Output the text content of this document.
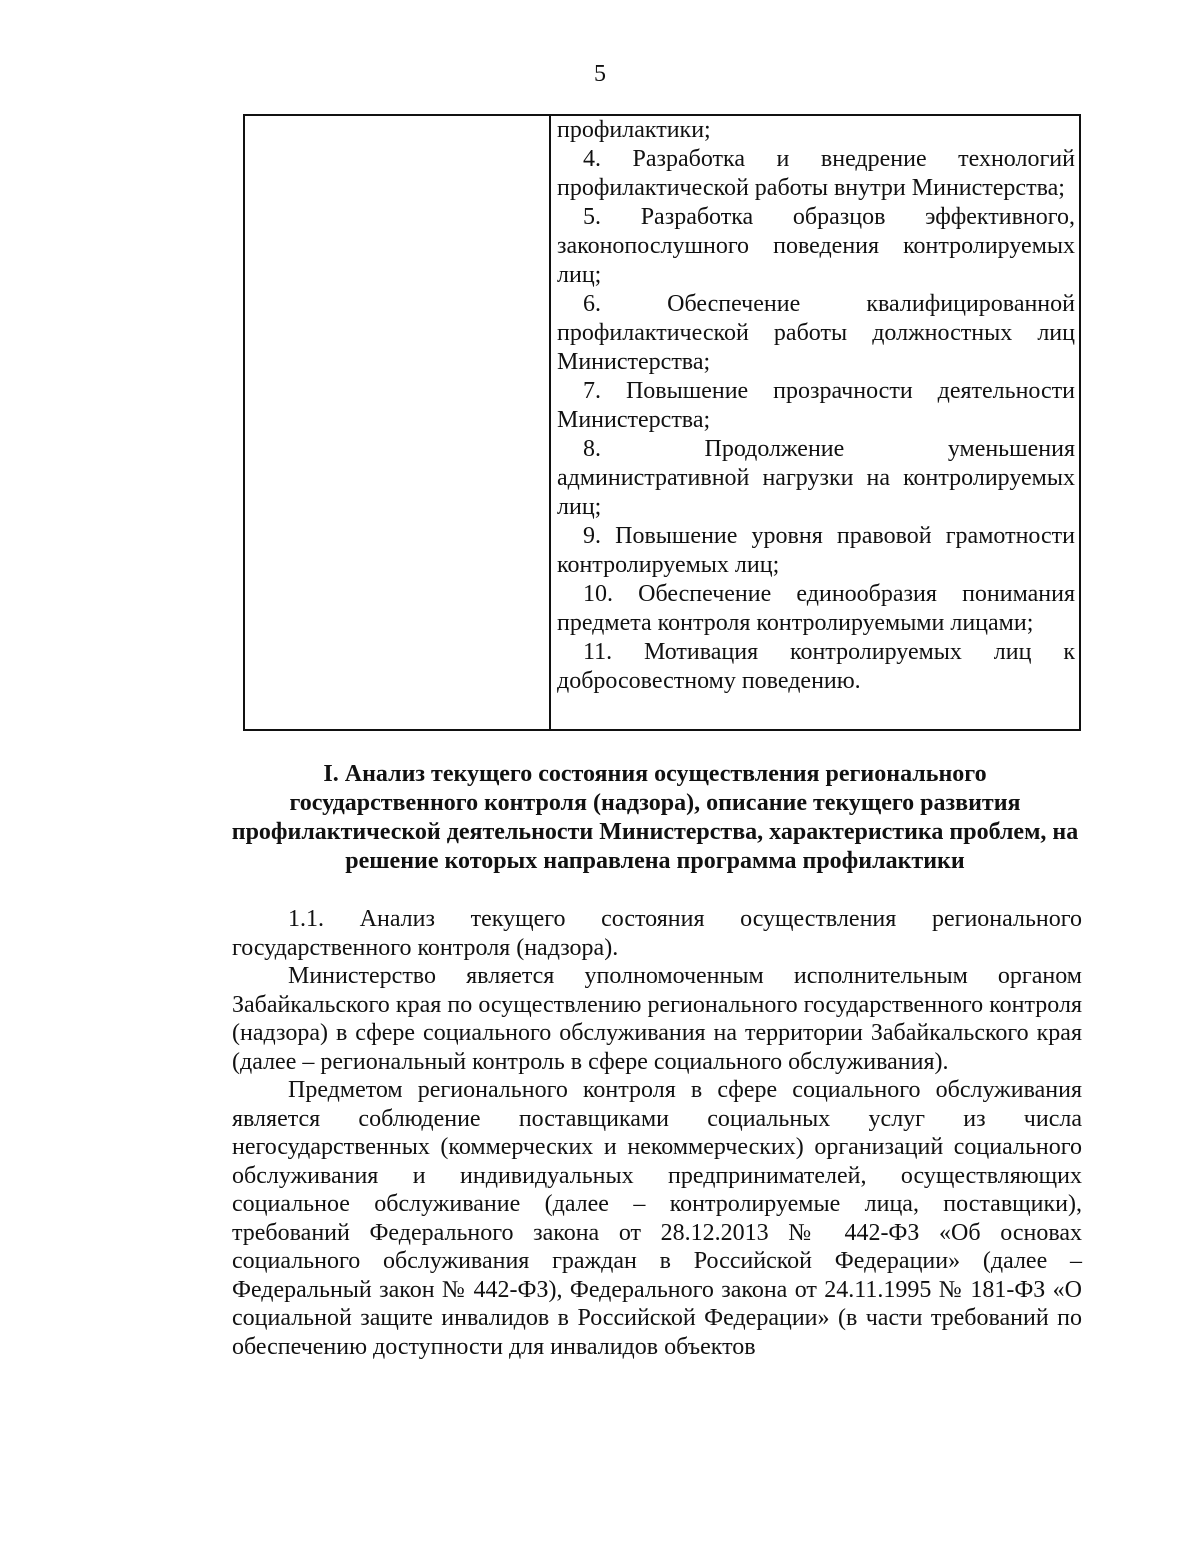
5

профилактики;

4. Разработка и внедрение технологий профилактической работы внутри Министерства;

5. Разработка образцов эффективного, законопослушного поведения контролируемых лиц;

6. Обеспечение квалифицированной профилактической работы должностных лиц Министерства;

7. Повышение прозрачности деятельности Министерства;

8. Продолжение уменьшения административной нагрузки на контролируемых лиц;

9. Повышение уровня правовой грамотности контролируемых лиц;

10. Обеспечение единообразия понимания предмета контроля контролируемыми лицами;

11. Мотивация контролируемых лиц к добросовестному поведению.

I. Анализ текущего состояния осуществления регионального государственного контроля (надзора), описание текущего развития профилактической деятельности Министерства, характеристика проблем, на решение которых направлена программа профилактики

1.1. Анализ текущего состояния осуществления регионального государственного контроля (надзора).

Министерство является уполномоченным исполнительным органом Забайкальского края по осуществлению регионального государственного контроля (надзора) в сфере социального обслуживания на территории Забайкальского края (далее – региональный контроль в сфере социального обслуживания).

Предметом регионального контроля в сфере социального обслуживания является соблюдение поставщиками социальных услуг из числа негосударственных (коммерческих и некоммерческих) организаций социального обслуживания и индивидуальных предпринимателей, осуществляющих социальное обслуживание (далее – контролируемые лица, поставщики), требований Федерального закона от 28.12.2013 № 442-ФЗ «Об основах социального обслуживания граждан в Российской Федерации» (далее – Федеральный закон № 442-ФЗ), Федерального закона от 24.11.1995 № 181-ФЗ «О социальной защите инвалидов в Российской Федерации» (в части требований по обеспечению доступности для инвалидов объектов
